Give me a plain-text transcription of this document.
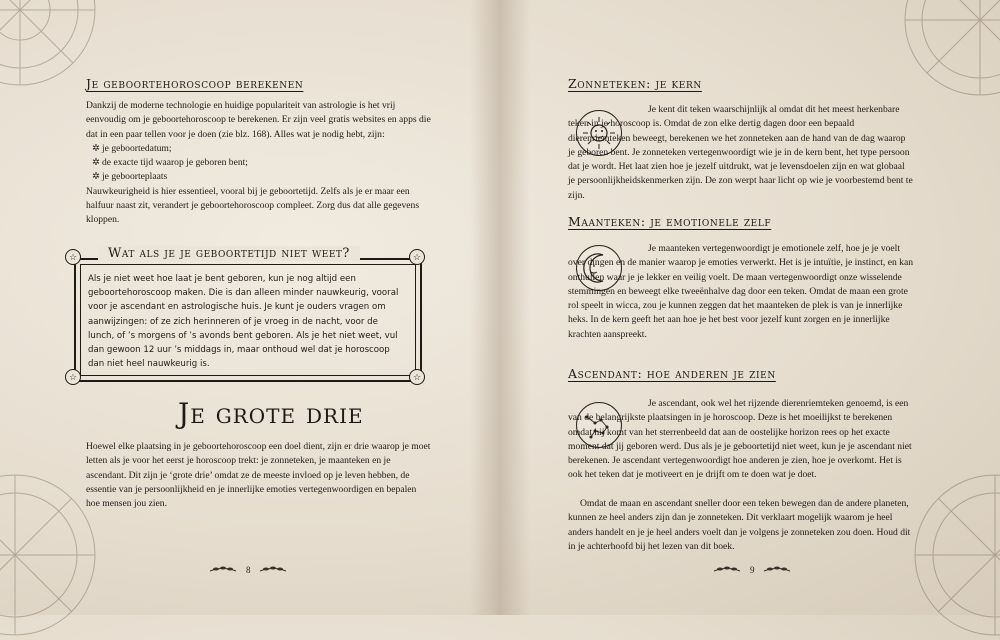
Je geboortehoroscoop berekenen

Dankzij de moderne technologie en huidige populariteit van astrologie is het vrij eenvoudig om je geboortehoroscoop te berekenen. Er zijn veel gratis websites en apps die dat in een paar tellen voor je doen (zie blz. 168). Alles wat je nodig hebt, zijn:

✲ je geboortedatum;
✲ de exacte tijd waarop je geboren bent;
✲ je geboorteplaats

Nauwkeurigheid is hier essentieel, vooral bij je geboortetijd. Zelfs als je er maar een halfuur naast zit, verandert je geboortehoroscoop compleet. Zorg dus dat alle gegevens kloppen.

Wat als je je geboortetijd niet weet?

Als je niet weet hoe laat je bent geboren, kun je nog altijd een geboortehoroscoop maken. Die is dan alleen minder nauwkeurig, vooral voor je ascendant en astrologische huis. Je kunt je ouders vragen om aanwijzingen: of ze zich herinneren of je vroeg in de nacht, voor de lunch, of ’s morgens of ’s avonds bent geboren. Als je het niet weet, vul dan gewoon 12 uur ’s middags in, maar onthoud wel dat je horoscoop dan niet heel nauwkeurig is.

☆	☆
☆	☆
Je grote drie

Hoewel elke plaatsing in je geboortehoroscoop een doel dient, zijn er drie waarop je moet letten als je voor het eerst je horoscoop trekt: je zonneteken, je maanteken en je ascendant. Dit zijn je ‘grote drie’ omdat ze de meeste invloed op je leven hebben, de essentie van je persoonlijkheid en je innerlijke emoties vertegenwoordigen en bepalen hoe mensen jou zien.

8
Zonneteken: je kern

Je kent dit teken waarschijnlijk al omdat dit het meest herkenbare teken in je horoscoop is. Omdat de zon elke dertig dagen door een bepaald dierenriemteken beweegt, berekenen we het zonneteken aan de hand van de dag waarop je geboren bent. Je zonneteken vertegenwoordigt wie je in de kern bent, het type persoon dat je wordt. Het laat zien hoe je jezelf uitdrukt, wat je levensdoelen zijn en wat globaal je persoonlijkheidskenmerken zijn. De zon werpt haar licht op wie je voorbestemd bent te zijn.

Maanteken: je emotionele zelf

Je maanteken vertegenwoordigt je emotionele zelf, hoe je je voelt over dingen en de manier waarop je emoties verwerkt. Het is je intuïtie, je instinct, en kan onthullen waar je je lekker en veilig voelt. De maan vertegenwoordigt onze wisselende stemmingen en beweegt elke tweeënhalve dag door een teken. Omdat de maan een grote rol speelt in wicca, zou je kunnen zeggen dat het maanteken de plek is van je innerlijke heks. In de kern geeft het aan hoe je het best voor jezelf kunt zorgen en je innerlijke krachten aanspreekt.

Ascendant: hoe anderen je zien

Je ascendant, ook wel het rijzende dierenriemteken genoemd, is een van de belangrijkste plaatsingen in je horoscoop. Deze is het moeilijkst te berekenen omdat hij komt van het sterrenbeeld dat aan de oostelijke horizon rees op het exacte moment dat jij geboren werd. Dus als je je geboortetijd niet weet, kun je je ascendant niet berekenen. Je ascendant vertegenwoordigt hoe anderen je zien, hoe je overkomt. Het is ook het teken dat je motiveert en je drijft om te doen wat je doet.

Omdat de maan en ascendant sneller door een teken bewegen dan de andere planeten, kunnen ze heel anders zijn dan je zonneteken. Dit verklaart mogelijk waarom je heel anders handelt en je je heel anders voelt dan je volgens je zonneteken zou doen. Houd dit in je achterhoofd bij het lezen van dit boek.

9
